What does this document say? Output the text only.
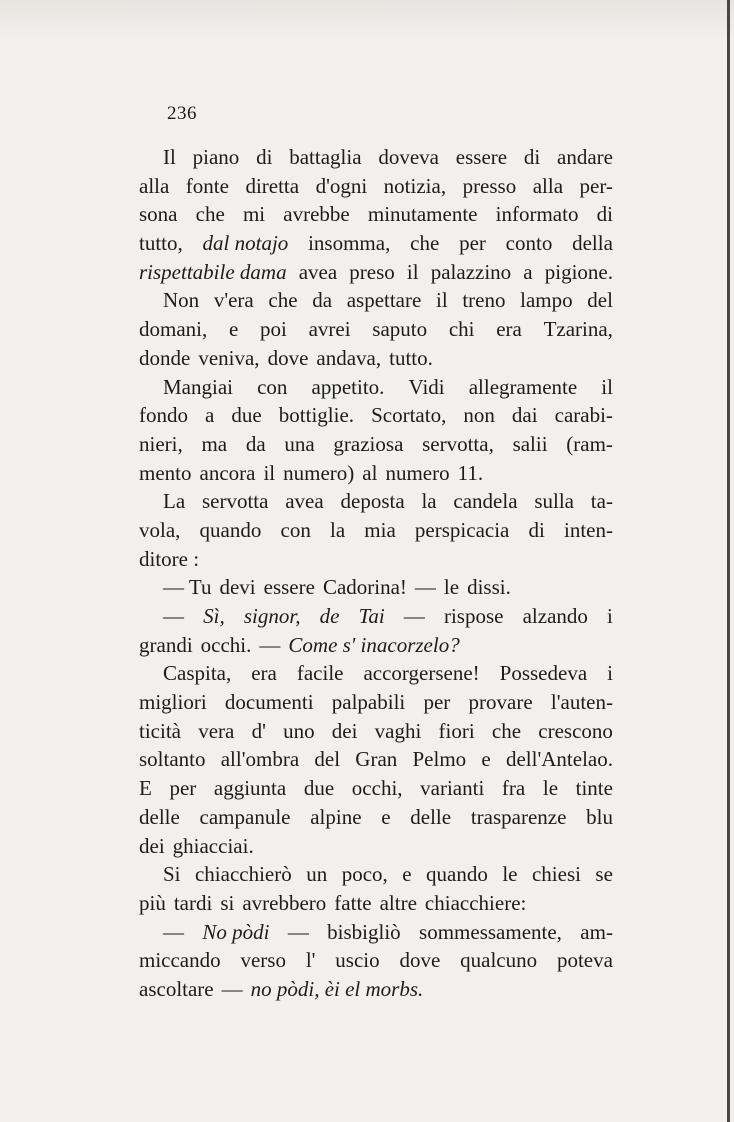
236
Il piano di battaglia doveva essere di andare
alla fonte diretta d'ogni notizia, presso alla per-
sona che mi avrebbe minutamente informato di
tutto, dal notajo insomma, che per conto della
rispettabile dama avea preso il palazzino a pigione.
Non v'era che da aspettare il treno lampo del
domani, e poi avrei saputo chi era Tzarina,
donde veniva, dove andava, tutto.
Mangiai con appetito. Vidi allegramente il
fondo a due bottiglie. Scortato, non dai carabi-
nieri, ma da una graziosa servotta, salii (ram-
mento ancora il numero) al numero 11.
La servotta avea deposta la candela sulla ta-
vola, quando con la mia perspicacia di inten-
ditore :
— Tu devi essere Cadorina! — le dissi.
— Sì, signor, de Tai — rispose alzando i
grandi occhi. — Come s' inacorzelo?
Caspita, era facile accorgersene! Possedeva i
migliori documenti palpabili per provare l'auten-
ticità vera d' uno dei vaghi fiori che crescono
soltanto all'ombra del Gran Pelmo e dell'Antelao.
E per aggiunta due occhi, varianti fra le tinte
delle campanule alpine e delle trasparenze blu
dei ghiacciai.
Si chiacchierò un poco, e quando le chiesi se
più tardi si avrebbero fatte altre chiacchiere:
— No pòdi — bisbigliò sommessamente, am-
miccando verso l' uscio dove qualcuno poteva
ascoltare — no pòdi, èi el morbs.
